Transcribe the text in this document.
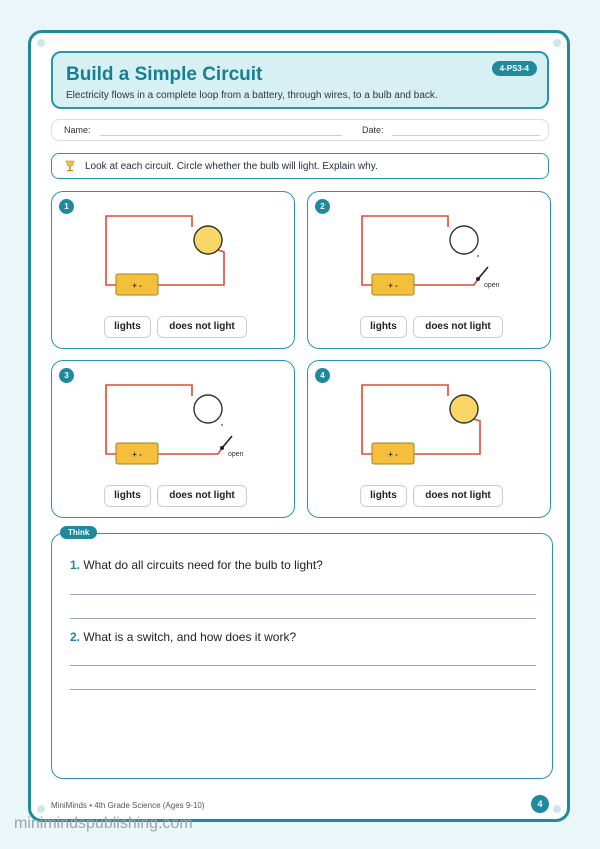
Build a Simple Circuit	4-PS3-4
Electricity flows in a complete loop from a battery, through wires, to a bulb and back.
Name:	Date:
Look at each circuit. Circle whether the bulb will light. Explain why.
1
+ -
lights	does not light
2
open
+ -
lights	does not light
3
open
+ -
lights	does not light
4
+ -
lights	does not light
Think
1. What do all circuits need for the bulb to light?
2. What is a switch, and how does it work?
MiniMinds • 4th Grade Science (Ages 9-10)	4
minimindspublishing.com
